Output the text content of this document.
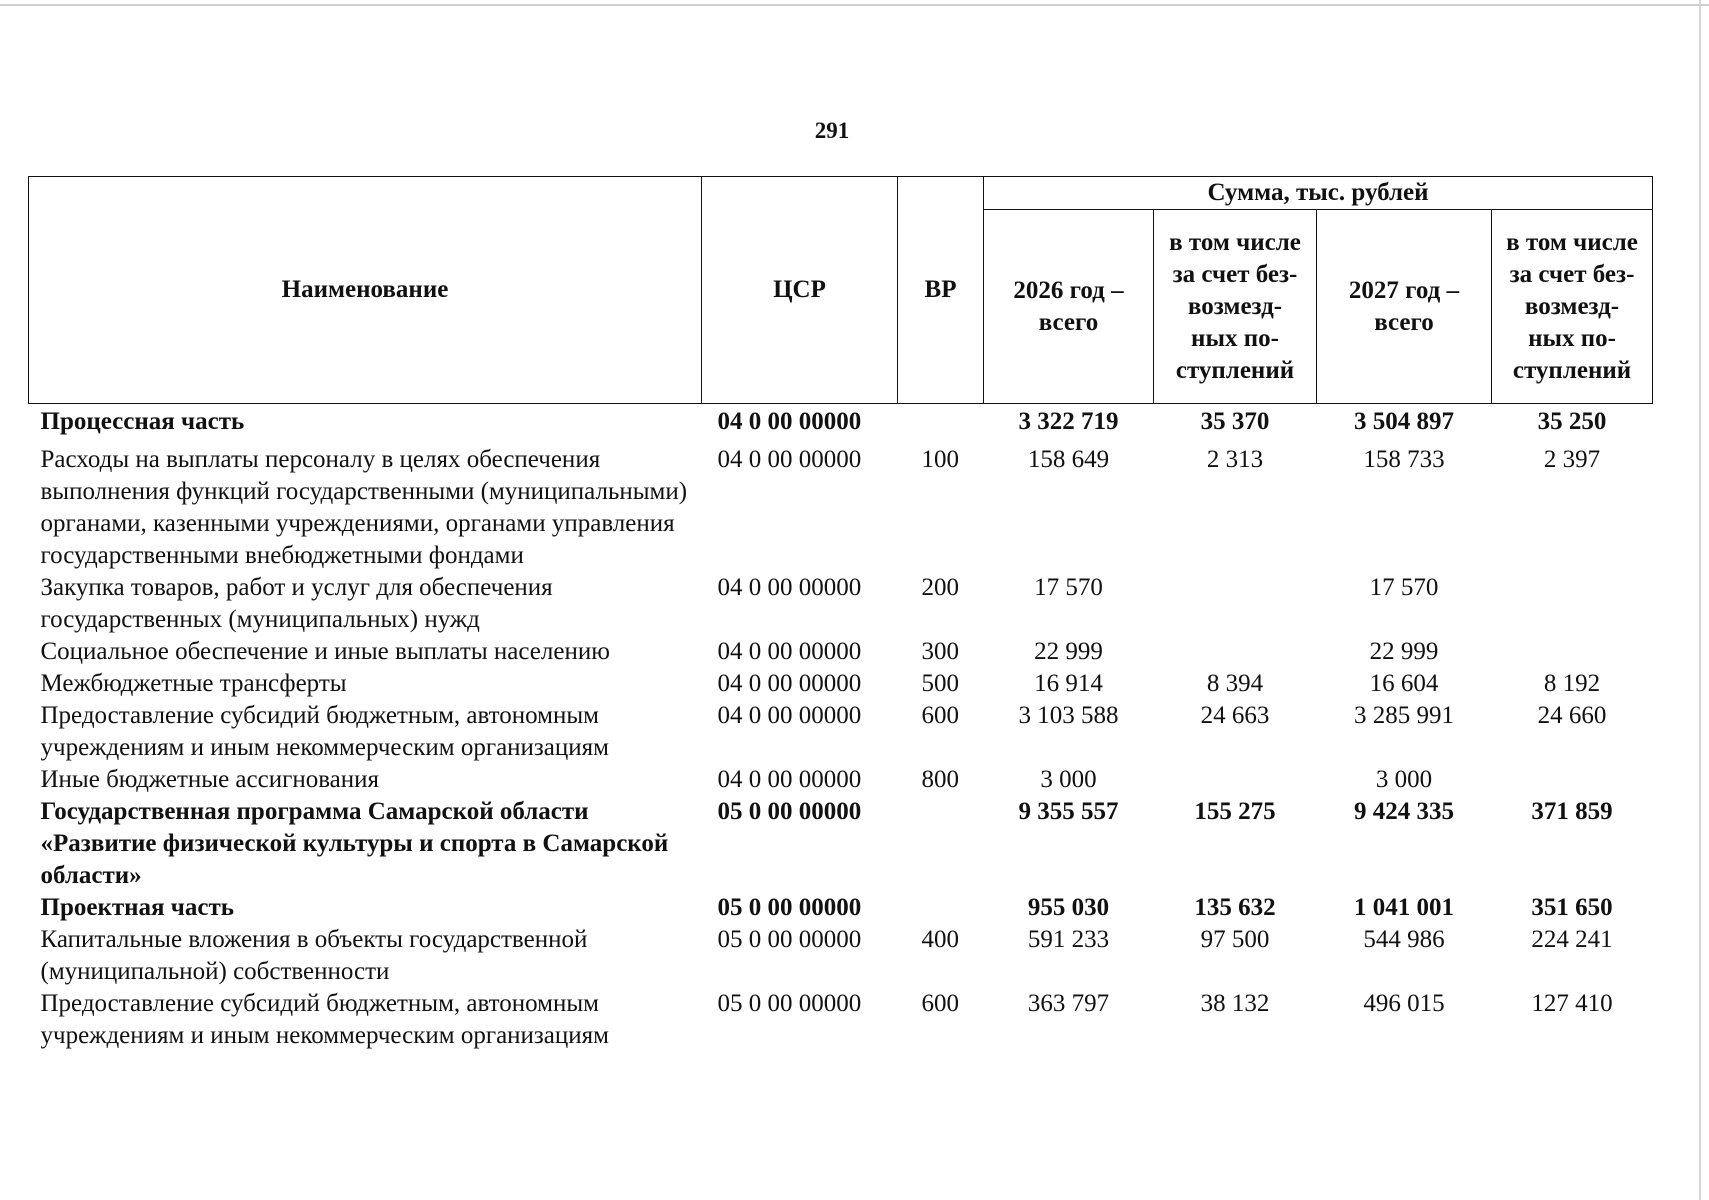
291
Наименование	ЦСР	ВР	Сумма, тыс. рублей			
			2026 год – всего	в том числе за счет без-возмезд-ных по-ступлений	2027 год – всего	в том числе за счет без-возмезд-ных по-ступлений
Процессная часть	04 0 00 00000		3 322 719	35 370	3 504 897	35 250
Расходы на выплаты персоналу в целях обеспечения выполнения функций государственными (муниципальными) органами, казенными учреждениями, органами управления государственными внебюджетными фондами	04 0 00 00000	100	158 649	2 313	158 733	2 397
Закупка товаров, работ и услуг для обеспечения государственных (муниципальных) нужд	04 0 00 00000	200	17 570		17 570	
Социальное обеспечение и иные выплаты населению	04 0 00 00000	300	22 999		22 999	
Межбюджетные трансферты	04 0 00 00000	500	16 914	8 394	16 604	8 192
Предоставление субсидий бюджетным, автономным учреждениям и иным некоммерческим организациям	04 0 00 00000	600	3 103 588	24 663	3 285 991	24 660
Иные бюджетные ассигнования	04 0 00 00000	800	3 000		3 000	
Государственная программа Самарской области «Развитие физической культуры и спорта в Самарской области»	05 0 00 00000		9 355 557	155 275	9 424 335	371 859
Проектная часть	05 0 00 00000		955 030	135 632	1 041 001	351 650
Капитальные вложения в объекты государственной (муниципальной) собственности	05 0 00 00000	400	591 233	97 500	544 986	224 241
Предоставление субсидий бюджетным, автономным учреждениям и иным некоммерческим организациям	05 0 00 00000	600	363 797	38 132	496 015	127 410
